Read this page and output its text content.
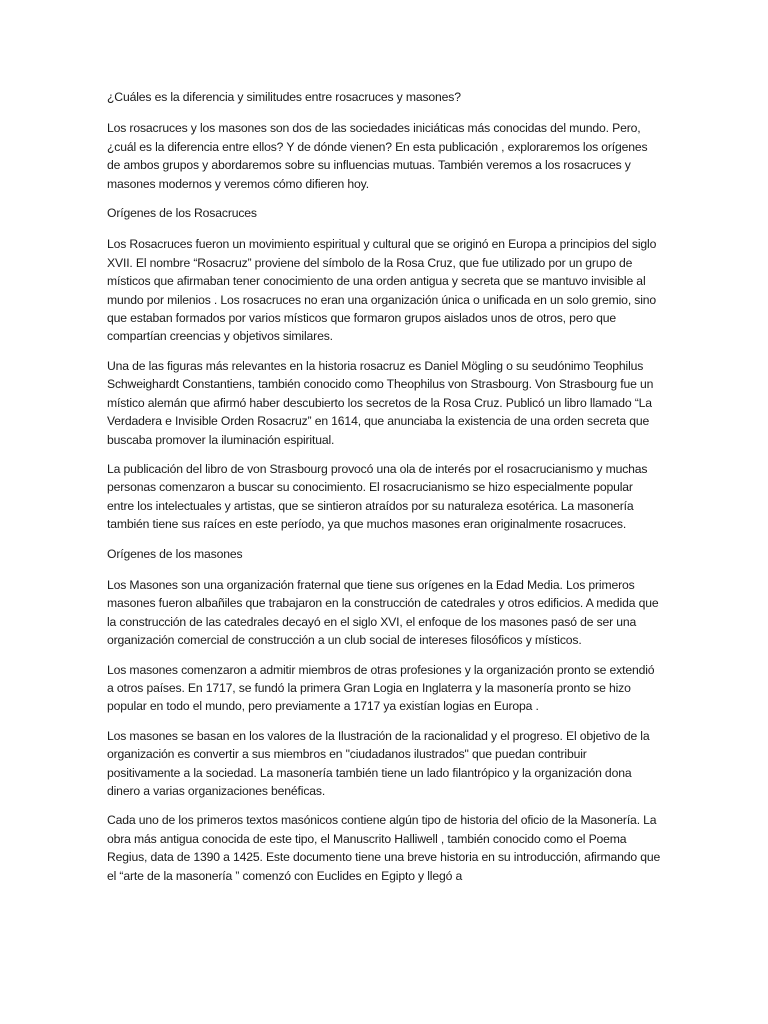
¿Cuáles es la diferencia y similitudes entre rosacruces y masones?

Los rosacruces y los masones son dos de las sociedades iniciáticas más conocidas del mundo. Pero, ¿cuál es la diferencia entre ellos? Y de dónde vienen? En esta publicación , exploraremos los orígenes de ambos grupos y abordaremos sobre su influencias mutuas. También veremos a los rosacruces y masones modernos y veremos cómo difieren hoy.

Orígenes de los Rosacruces

Los Rosacruces fueron un movimiento espiritual y cultural que se originó en Europa a principios del siglo XVII. El nombre “Rosacruz” proviene del símbolo de la Rosa Cruz, que fue utilizado por un grupo de místicos que afirmaban tener conocimiento de una orden antigua y secreta que se mantuvo invisible al mundo por milenios . Los rosacruces no eran una organización única o unificada en un solo gremio, sino que estaban formados por varios místicos que formaron grupos aislados unos de otros, pero que compartían creencias y objetivos similares.

Una de las figuras más relevantes en la historia rosacruz es Daniel Mögling o su seudónimo Teophilus Schweighardt Constantiens, también conocido como Theophilus von Strasbourg. Von Strasbourg fue un místico alemán que afirmó haber descubierto los secretos de la Rosa Cruz. Publicó un libro llamado “La Verdadera e Invisible Orden Rosacruz” en 1614, que anunciaba la existencia de una orden secreta que buscaba promover la iluminación espiritual.

La publicación del libro de von Strasbourg provocó una ola de interés por el rosacrucianismo y muchas personas comenzaron a buscar su conocimiento. El rosacrucianismo se hizo especialmente popular entre los intelectuales y artistas, que se sintieron atraídos por su naturaleza esotérica. La masonería también tiene sus raíces en este período, ya que muchos masones eran originalmente rosacruces.

Orígenes de los masones

Los Masones son una organización fraternal que tiene sus orígenes en la Edad Media. Los primeros masones fueron albañiles que trabajaron en la construcción de catedrales y otros edificios. A medida que la construcción de las catedrales decayó en el siglo XVI, el enfoque de los masones pasó de ser una organización comercial de construcción a un club social de intereses filosóficos y místicos.

Los masones comenzaron a admitir miembros de otras profesiones y la organización pronto se extendió a otros países. En 1717, se fundó la primera Gran Logia en Inglaterra y la masonería pronto se hizo popular en todo el mundo, pero previamente a 1717 ya existían logias en Europa .

Los masones se basan en los valores de la Ilustración de la racionalidad y el progreso. El objetivo de la organización es convertir a sus miembros en "ciudadanos ilustrados" que puedan contribuir positivamente a la sociedad. La masonería también tiene un lado filantrópico y la organización dona dinero a varias organizaciones benéficas.

Cada uno de los primeros textos masónicos contiene algún tipo de historia del oficio de la Masonería. La obra más antigua conocida de este tipo, el Manuscrito Halliwell , también conocido como el Poema Regius, data de 1390 a 1425. Este documento tiene una breve historia en su introducción, afirmando que el “arte de la masonería ” comenzó con Euclides en Egipto y llegó a
